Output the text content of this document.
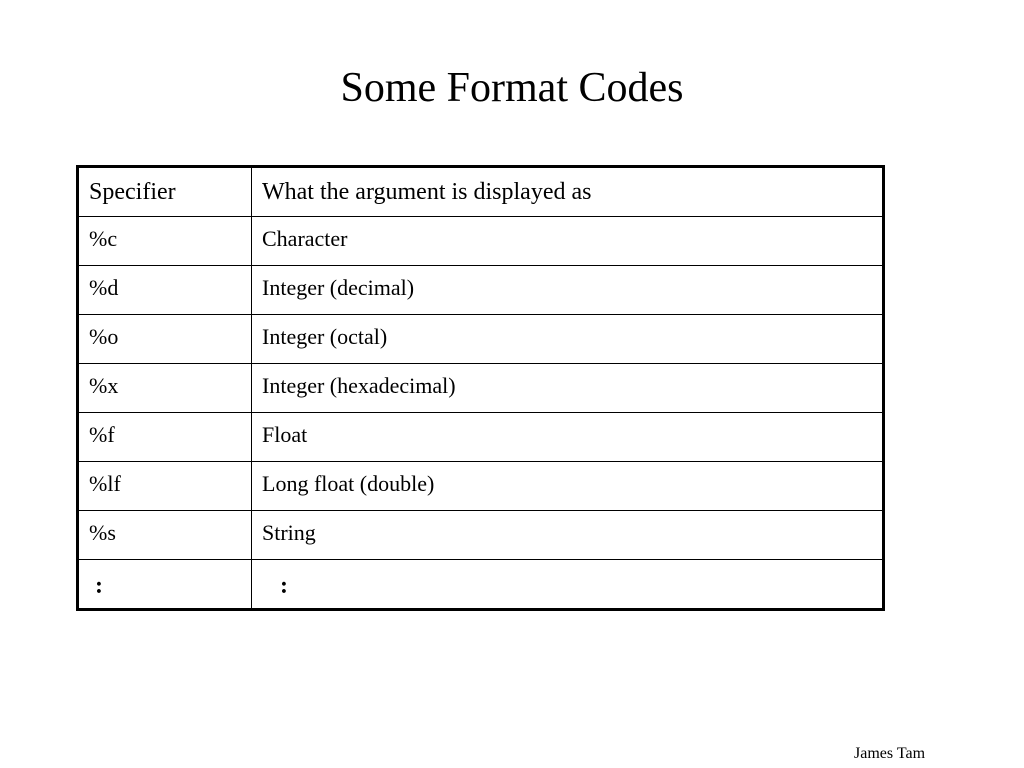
Some Format Codes
Specifier	What the argument is displayed as
%c	Character
%d	Integer (decimal)
%o	Integer (octal)
%x	Integer (hexadecimal)
%f	Float
%lf	Long float (double)
%s	String
:	:
James Tam
